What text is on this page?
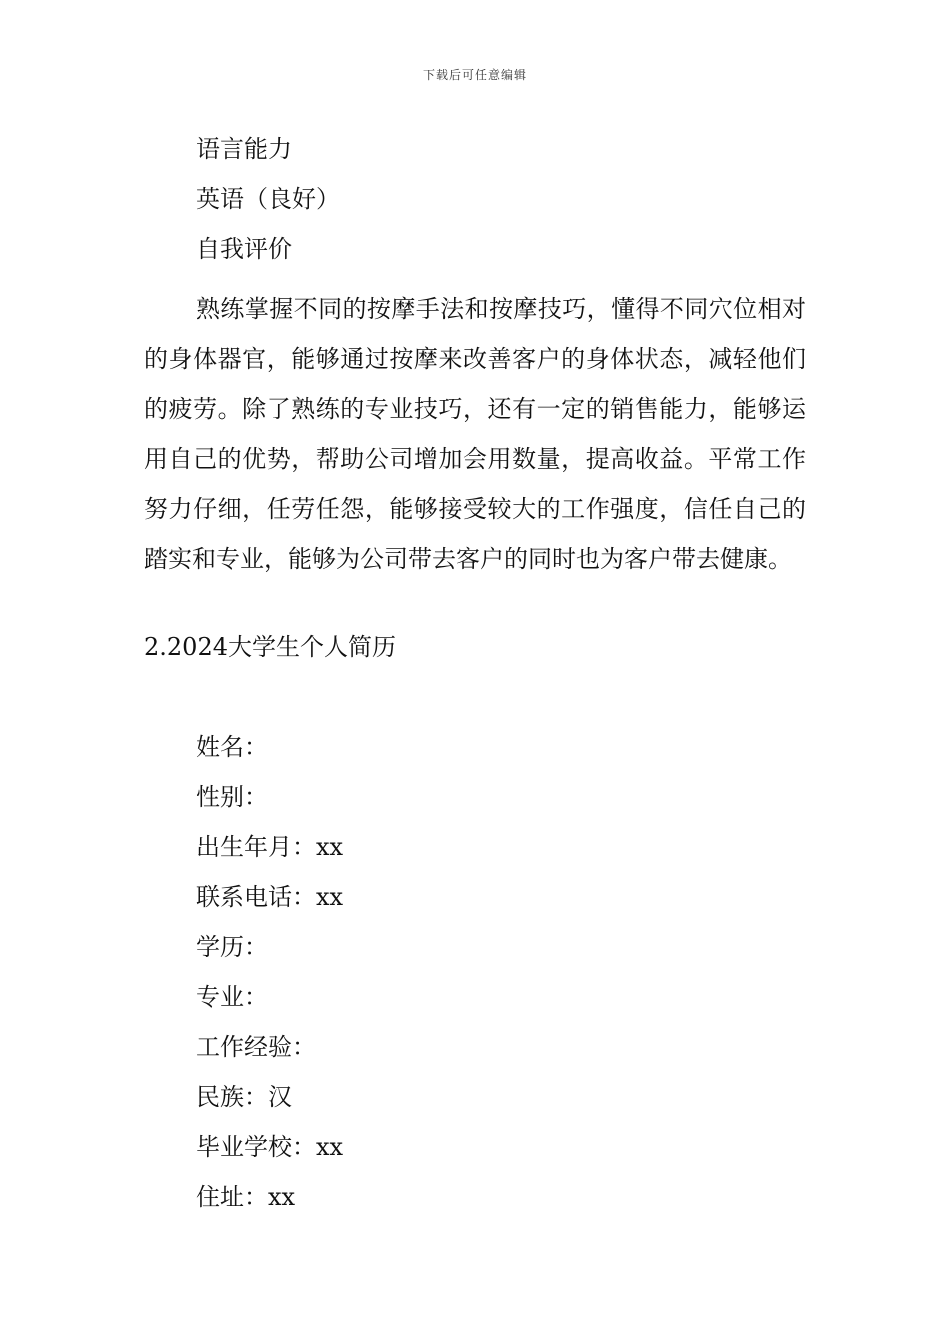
下载后可任意编辑
语言能力
英语（良好）
自我评价
熟练掌握不同的按摩手法和按摩技巧，懂得不同穴位相对的身体器官，能够通过按摩来改善客户的身体状态，减轻他们的疲劳。除了熟练的专业技巧，还有一定的销售能力，能够运用自己的优势，帮助公司增加会用数量，提高收益。平常工作努力仔细，任劳任怨，能够接受较大的工作强度，信任自己的踏实和专业，能够为公司带去客户的同时也为客户带去健康。
2.2024大学生个人简历
姓名：
性别：
出生年月：xx
联系电话：xx
学历：
专业：
工作经验：
民族：汉
毕业学校：xx
住址：xx
